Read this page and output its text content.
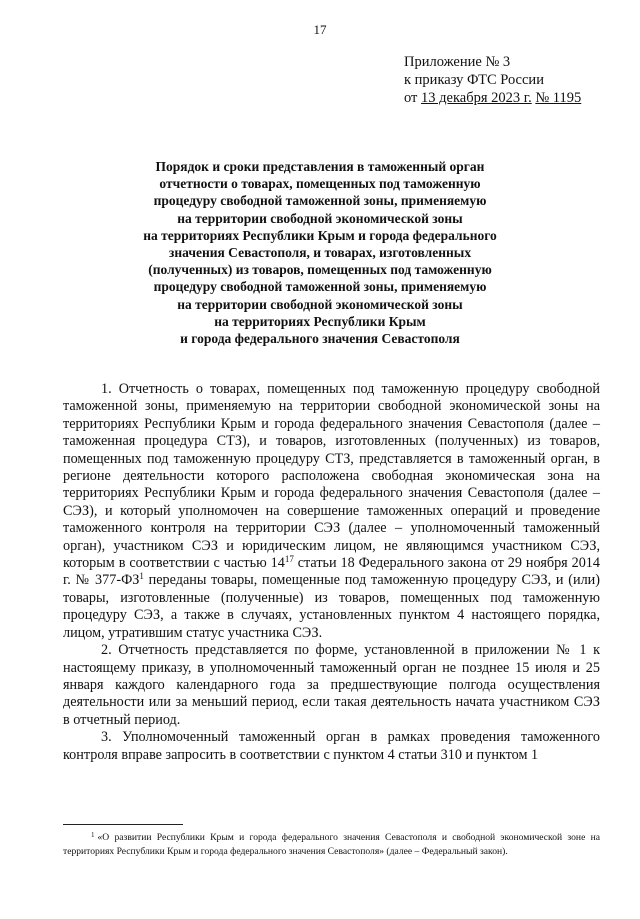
17
Приложение № 3
к приказу ФТС России
от 13 декабря 2023 г. № 1195
Порядок и сроки представления в таможенный орган
отчетности о товарах, помещенных под таможенную
процедуру свободной таможенной зоны, применяемую
на территории свободной экономической зоны
на территориях Республики Крым и города федерального
значения Севастополя, и товарах, изготовленных
(полученных) из товаров, помещенных под таможенную
процедуру свободной таможенной зоны, применяемую
на территории свободной экономической зоны
на территориях Республики Крым
и города федерального значения Севастополя

1. Отчетность о товарах, помещенных под таможенную процедуру свободной таможенной зоны, применяемую на территории свободной экономической зоны на территориях Республики Крым и города федерального значения Севастополя (далее – таможенная процедура СТЗ), и товаров, изготовленных (полученных) из товаров, помещенных под таможенную процедуру СТЗ, представляется в таможенный орган, в регионе деятельности которого расположена свободная экономическая зона на территориях Республики Крым и города федерального значения Севастополя (далее – СЭЗ), и который уполномочен на совершение таможенных операций и проведение таможенного контроля на территории СЭЗ (далее – уполномоченный таможенный орган), участником СЭЗ и юридическим лицом, не являющимся участником СЭЗ, которым в соответствии с частью $14^{17}$ статьи 18 Федерального закона от 29 ноября 2014 г. № $377-ФЗ^1$ переданы товары, помещенные под таможенную процедуру СЭЗ, и (или) товары, изготовленные (полученные) из товаров, помещенных под таможенную процедуру СЭЗ, а также в случаях, установленных пунктом 4 настоящего порядка, лицом, утратившим статус участника СЭЗ.

2. Отчетность представляется по форме, установленной в приложении № 1 к настоящему приказу, в уполномоченный таможенный орган не позднее 15 июля и 25 января каждого календарного года за предшествующие полгода осуществления деятельности или за меньший период, если такая деятельность начата участником СЭЗ в отчетный период.

3. Уполномоченный таможенный орган в рамках проведения таможенного контроля вправе запросить в соответствии с пунктом 4 статьи 310 и пунктом 1

$^1$ «О развитии Республики Крым и города федерального значения Севастополя и свободной экономической зоне на территориях Республики Крым и города федерального значения Севастополя» (далее – Федеральный закон).
